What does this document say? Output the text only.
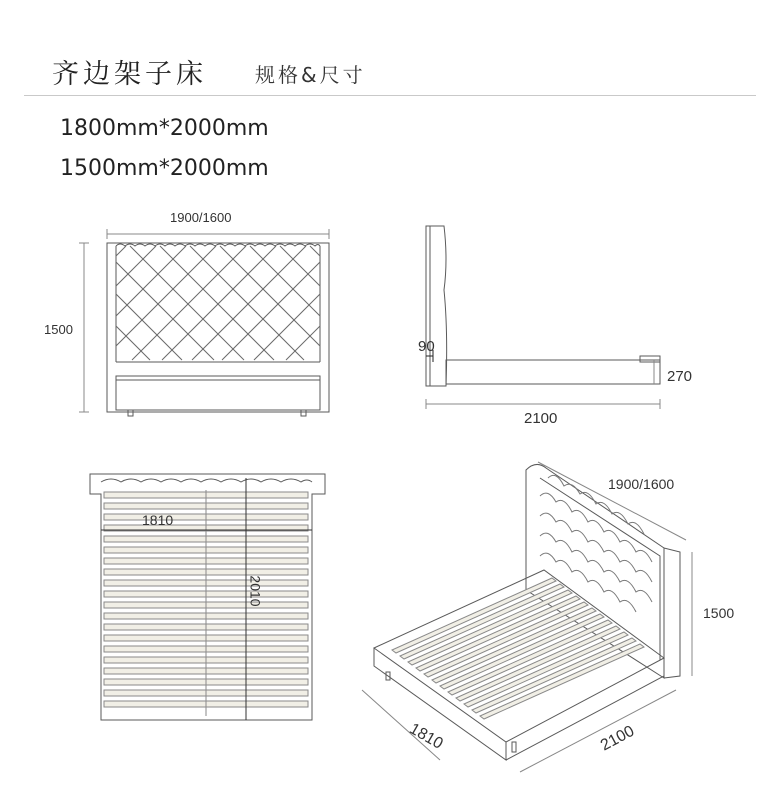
齐边架子床 规格&尺寸
1800mm*2000mm
1500mm*2000mm
1900/1600
1500
90
270
2100
1810
2010
1900/1600
1500
1810	2100
